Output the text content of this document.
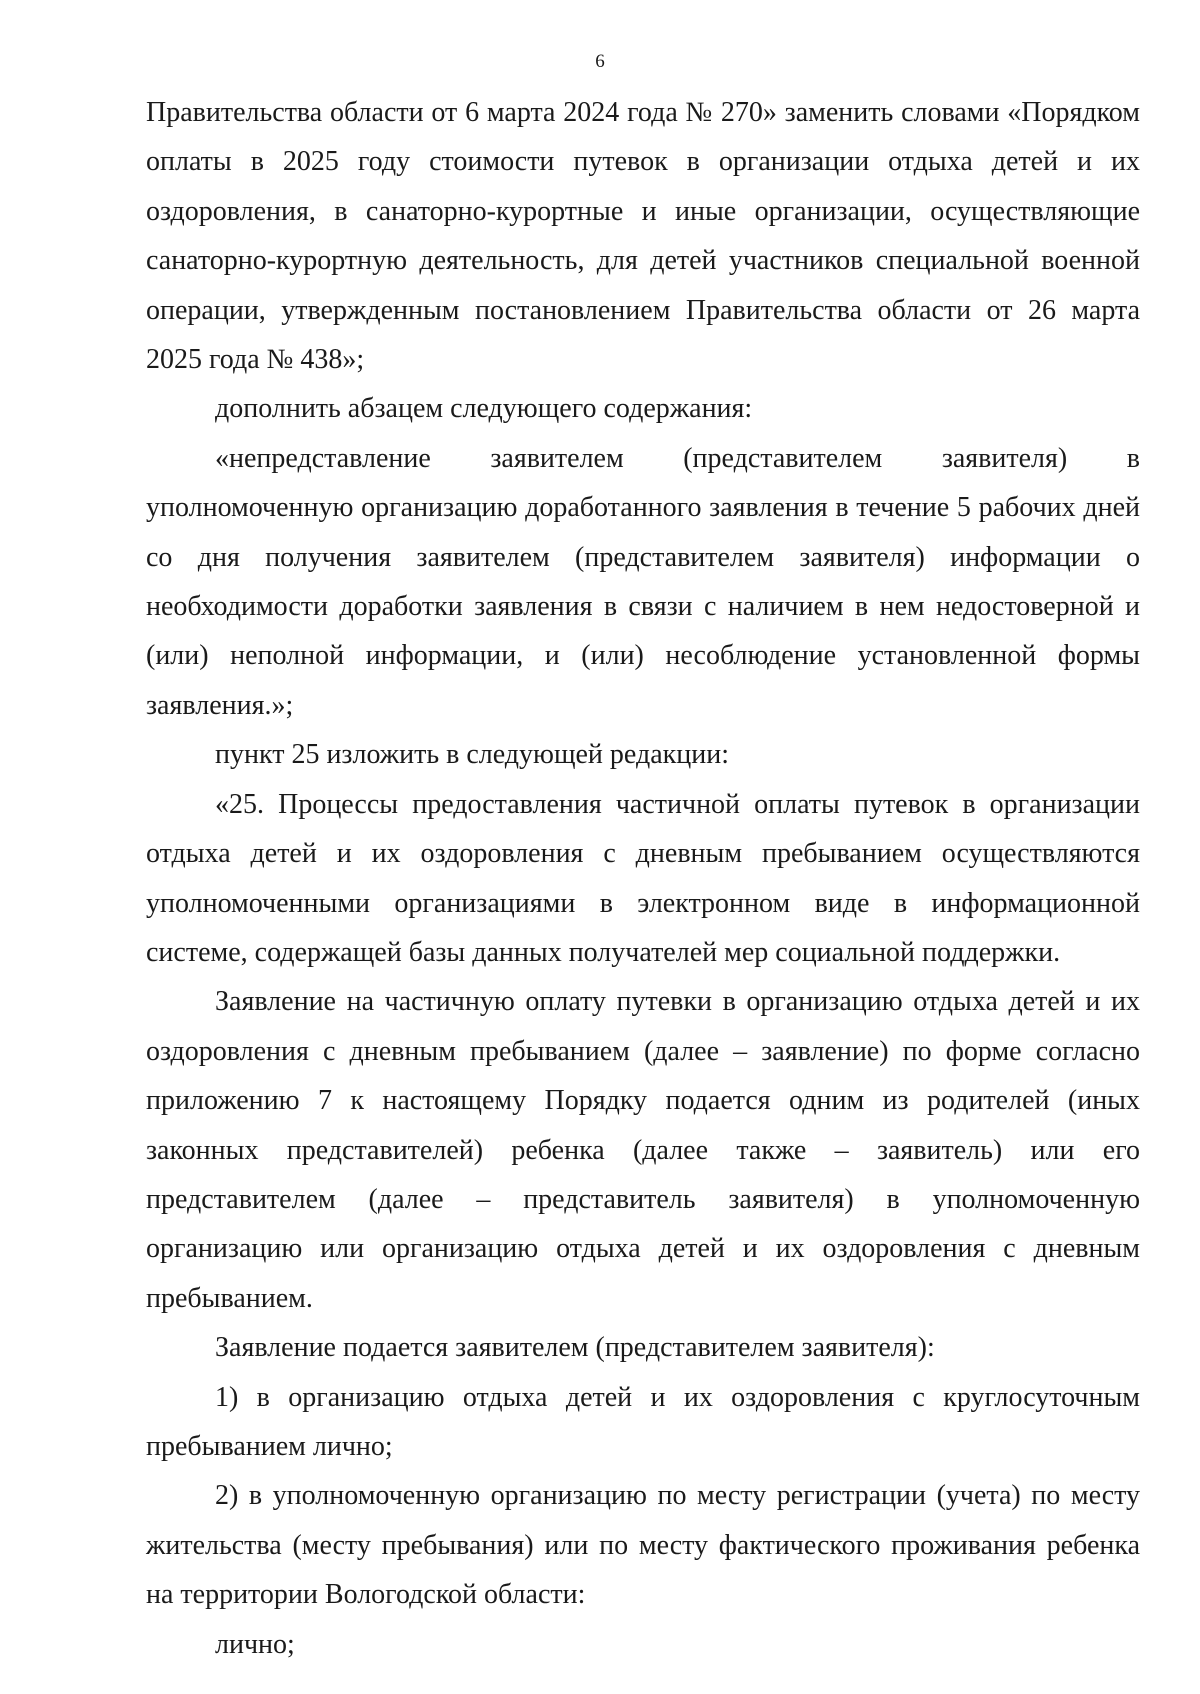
6

Правительства области от 6 марта 2024 года № 270» заменить словами «Порядком оплаты в 2025 году стоимости путевок в организации отдыха детей и их оздоровления, в санаторно-курортные и иные организации, осуществляющие санаторно-курортную деятельность, для детей участников специальной военной операции, утвержденным постановлением Правительства области от 26 марта 2025 года № 438»;

дополнить абзацем следующего содержания:

«непредставление заявителем (представителем заявителя) в уполномоченную организацию доработанного заявления в течение 5 рабочих дней со дня получения заявителем (представителем заявителя) информации о необходимости доработки заявления в связи с наличием в нем недостоверной и (или) неполной информации, и (или) несоблюдение установленной формы заявления.»;

пункт 25 изложить в следующей редакции:

«25. Процессы предоставления частичной оплаты путевок в организации отдыха детей и их оздоровления с дневным пребыванием осуществляются уполномоченными организациями в электронном виде в информационной системе, содержащей базы данных получателей мер социальной поддержки.

Заявление на частичную оплату путевки в организацию отдыха детей и их оздоровления с дневным пребыванием (далее – заявление) по форме согласно приложению 7 к настоящему Порядку подается одним из родителей (иных законных представителей) ребенка (далее также – заявитель) или его представителем (далее – представитель заявителя) в уполномоченную организацию или организацию отдыха детей и их оздоровления с дневным пребыванием.

Заявление подается заявителем (представителем заявителя):

1) в организацию отдыха детей и их оздоровления с круглосуточным пребыванием лично;

2) в уполномоченную организацию по месту регистрации (учета) по месту жительства (месту пребывания) или по месту фактического проживания ребенка на территории Вологодской области:

лично;
